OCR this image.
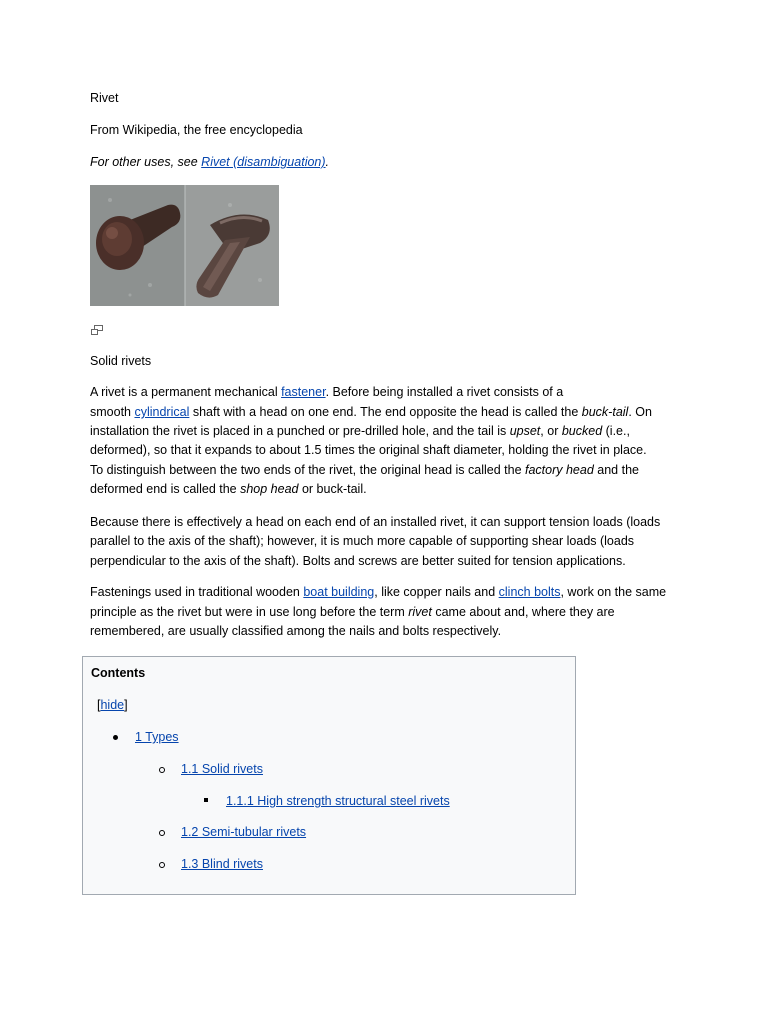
Rivet
From Wikipedia, the free encyclopedia
For other uses, see Rivet (disambiguation).
Solid rivets
A rivet is a permanent mechanical fastener. Before being installed a rivet consists of a
smooth cylindrical shaft with a head on one end. The end opposite the head is called the buck-tail. On
installation the rivet is placed in a punched or pre-drilled hole, and the tail is upset, or bucked (i.e.,
deformed), so that it expands to about 1.5 times the original shaft diameter, holding the rivet in place.
To distinguish between the two ends of the rivet, the original head is called the factory head and the
deformed end is called the shop head or buck-tail.
Because there is effectively a head on each end of an installed rivet, it can support tension loads (loads
parallel to the axis of the shaft); however, it is much more capable of supporting shear loads (loads
perpendicular to the axis of the shaft). Bolts and screws are better suited for tension applications.
Fastenings used in traditional wooden boat building, like copper nails and clinch bolts, work on the same
principle as the rivet but were in use long before the term rivet came about and, where they are
remembered, are usually classified among the nails and bolts respectively.
Contents
[hide]
1 Types
1.1 Solid rivets
1.1.1 High strength structural steel rivets
1.2 Semi-tubular rivets
1.3 Blind rivets
